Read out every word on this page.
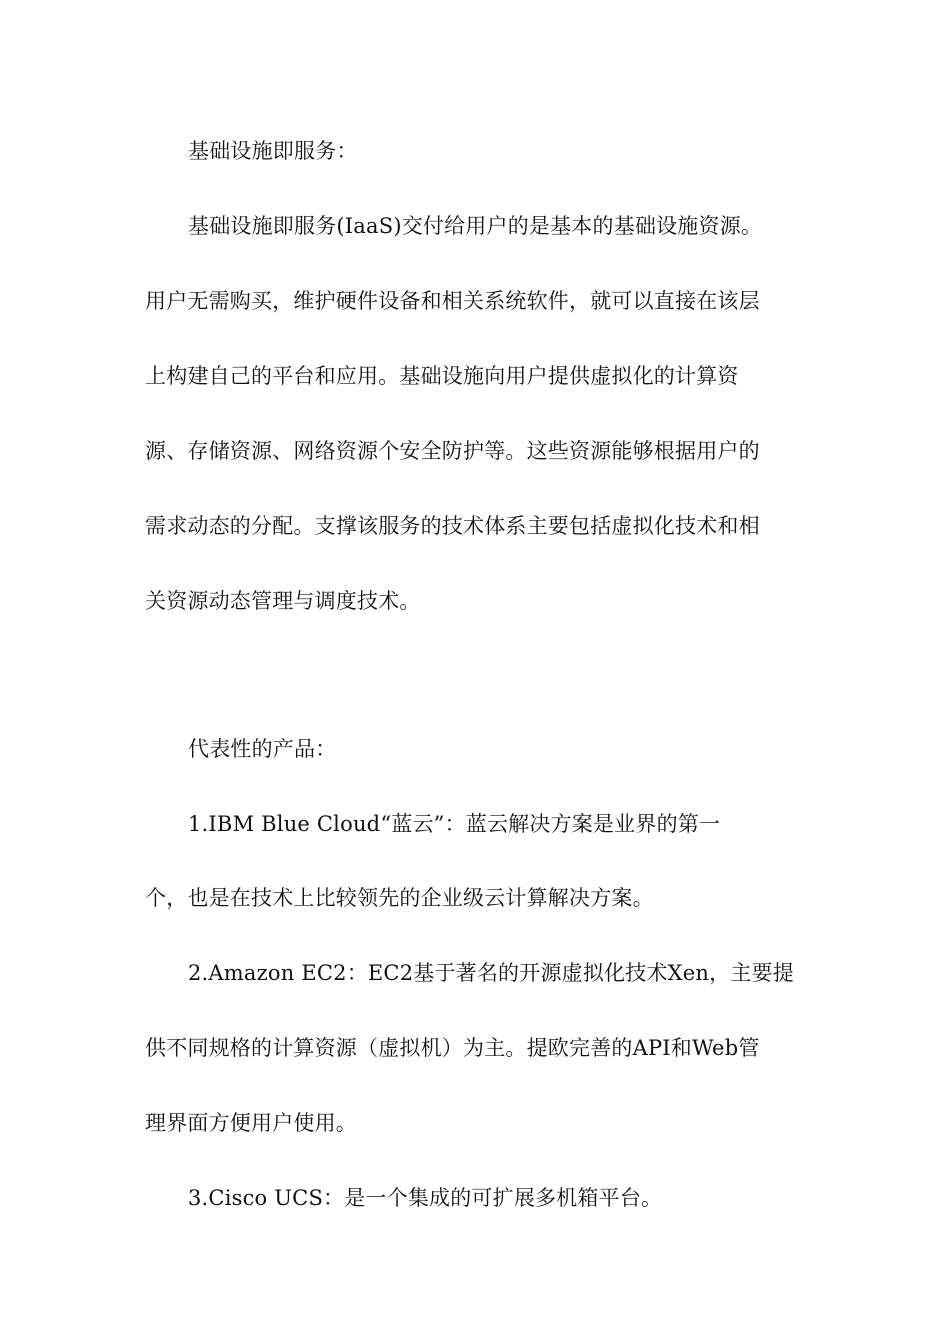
基础设施即服务：
基础设施即服务(IaaS)交付给用户的是基本的基础设施资源。
用户无需购买，维护硬件设备和相关系统软件，就可以直接在该层
上构建自己的平台和应用。基础设施向用户提供虚拟化的计算资
源、存储资源、网络资源个安全防护等。这些资源能够根据用户的
需求动态的分配。支撑该服务的技术体系主要包括虚拟化技术和相
关资源动态管理与调度技术。
代表性的产品：
1.IBM Blue Cloud“蓝云”：蓝云解决方案是业界的第一
个，也是在技术上比较领先的企业级云计算解决方案。
2.Amazon EC2：EC2基于著名的开源虚拟化技术Xen，主要提
供不同规格的计算资源（虚拟机）为主。提欧完善的API和Web管
理界面方便用户使用。
3.Cisco UCS：是一个集成的可扩展多机箱平台。
